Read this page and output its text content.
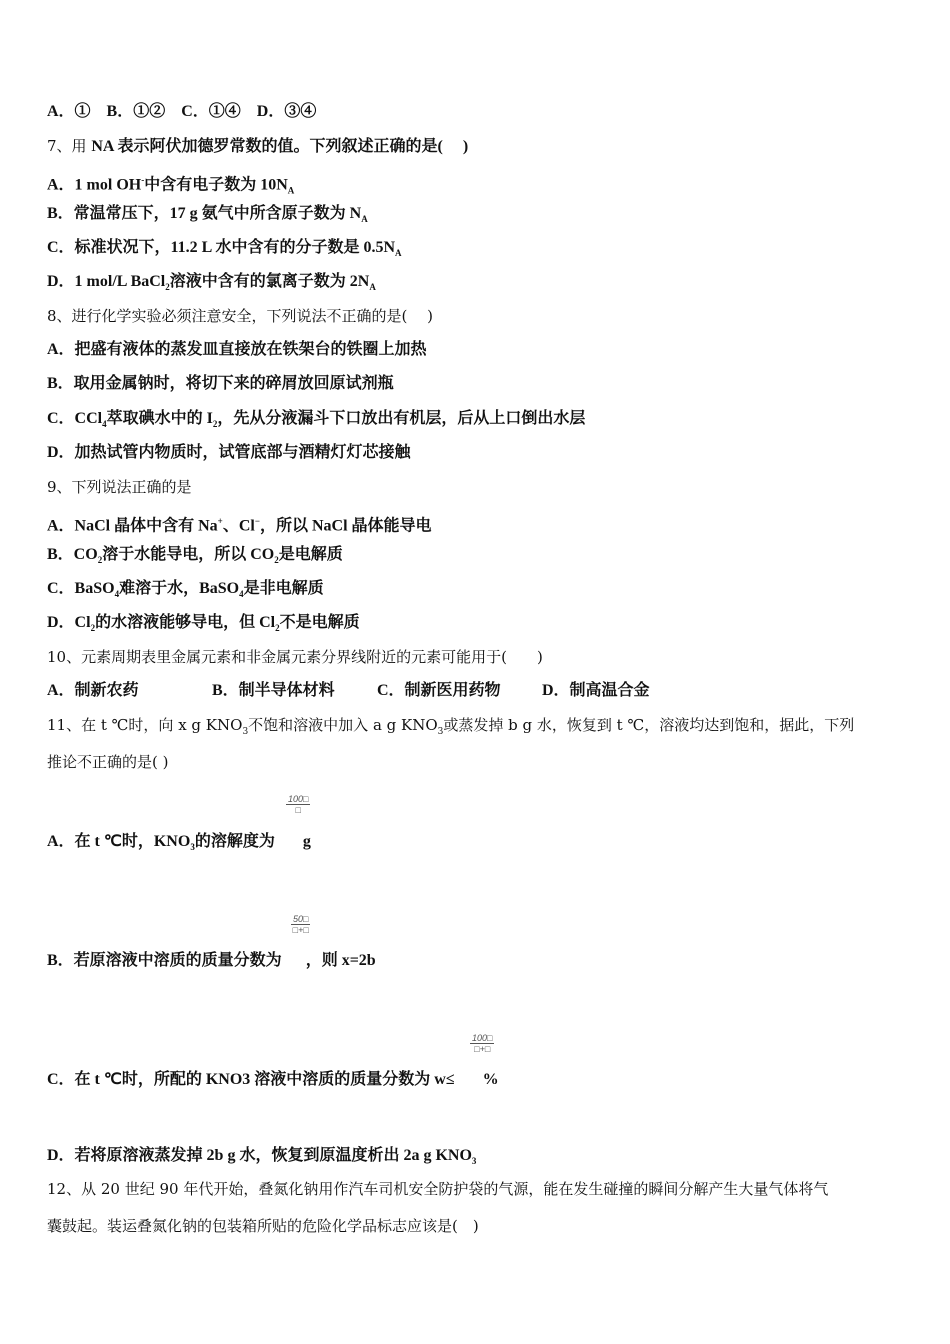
A．①　B．①②　C．①④　D．③④
7、用 NA 表示阿伏加德罗常数的值。下列叙述正确的是(　 )
A．1 mol OH-中含有电子数为 $10N_A$
B．常温常压下，17 g 氨气中所含原子数为 $N_A$
C．标准状况下，11.2 L 水中含有的分子数是 $0.5N_A$
D．1 mol/L BaCl$_2$溶液中含有的氯离子数为 $2N_A$
8、进行化学实验必须注意安全，下列说法不正确的是(　 )
A．把盛有液体的蒸发皿直接放在铁架台的铁圈上加热
B．取用金属钠时，将切下来的碎屑放回原试剂瓶
C．CCl$_4$萃取碘水中的 $I_2$，先从分液漏斗下口放出有机层，后从上口倒出水层
D．加热试管内物质时，试管底部与酒精灯灯芯接触
9、下列说法正确的是
A．NaCl 晶体中含有 Na+、Cl−，所以 NaCl 晶体能导电
B．$CO_2$溶于水能导电，所以 $CO_2$是电解质
C．BaSO$_4$难溶于水，BaSO$_4$是非电解质
D．$Cl_2$的水溶液能够导电，但 $Cl_2$不是电解质
10、元素周期表里金属元素和非金属元素分界线附近的元素可能用于(　　)
A．制新农药	B．制半导体材料	C．制新医用药物	D．制高温合金
11、在 t ℃时，向 x g $KNO_3$不饱和溶液中加入 a g $KNO_3$或蒸发掉 b g 水，恢复到 t ℃，溶液均达到饱和，据此，下列
推论不正确的是( )
100□
□
A．在 t ℃时，$KNO_3$的溶解度为 g
50□
□+□
B．若原溶液中溶质的质量分数为 ，则 x=2b
100□
□+□
C．在 t ℃时，所配的 KNO3 溶液中溶质的质量分数为 w≤ %
D．若将原溶液蒸发掉 2b g 水，恢复到原温度析出 2a g $KNO_3$
12、从 20 世纪 90 年代开始，叠氮化钠用作汽车司机安全防护袋的气源，能在发生碰撞的瞬间分解产生大量气体将气
囊鼓起。装运叠氮化钠的包装箱所贴的危险化学品标志应该是(　)
